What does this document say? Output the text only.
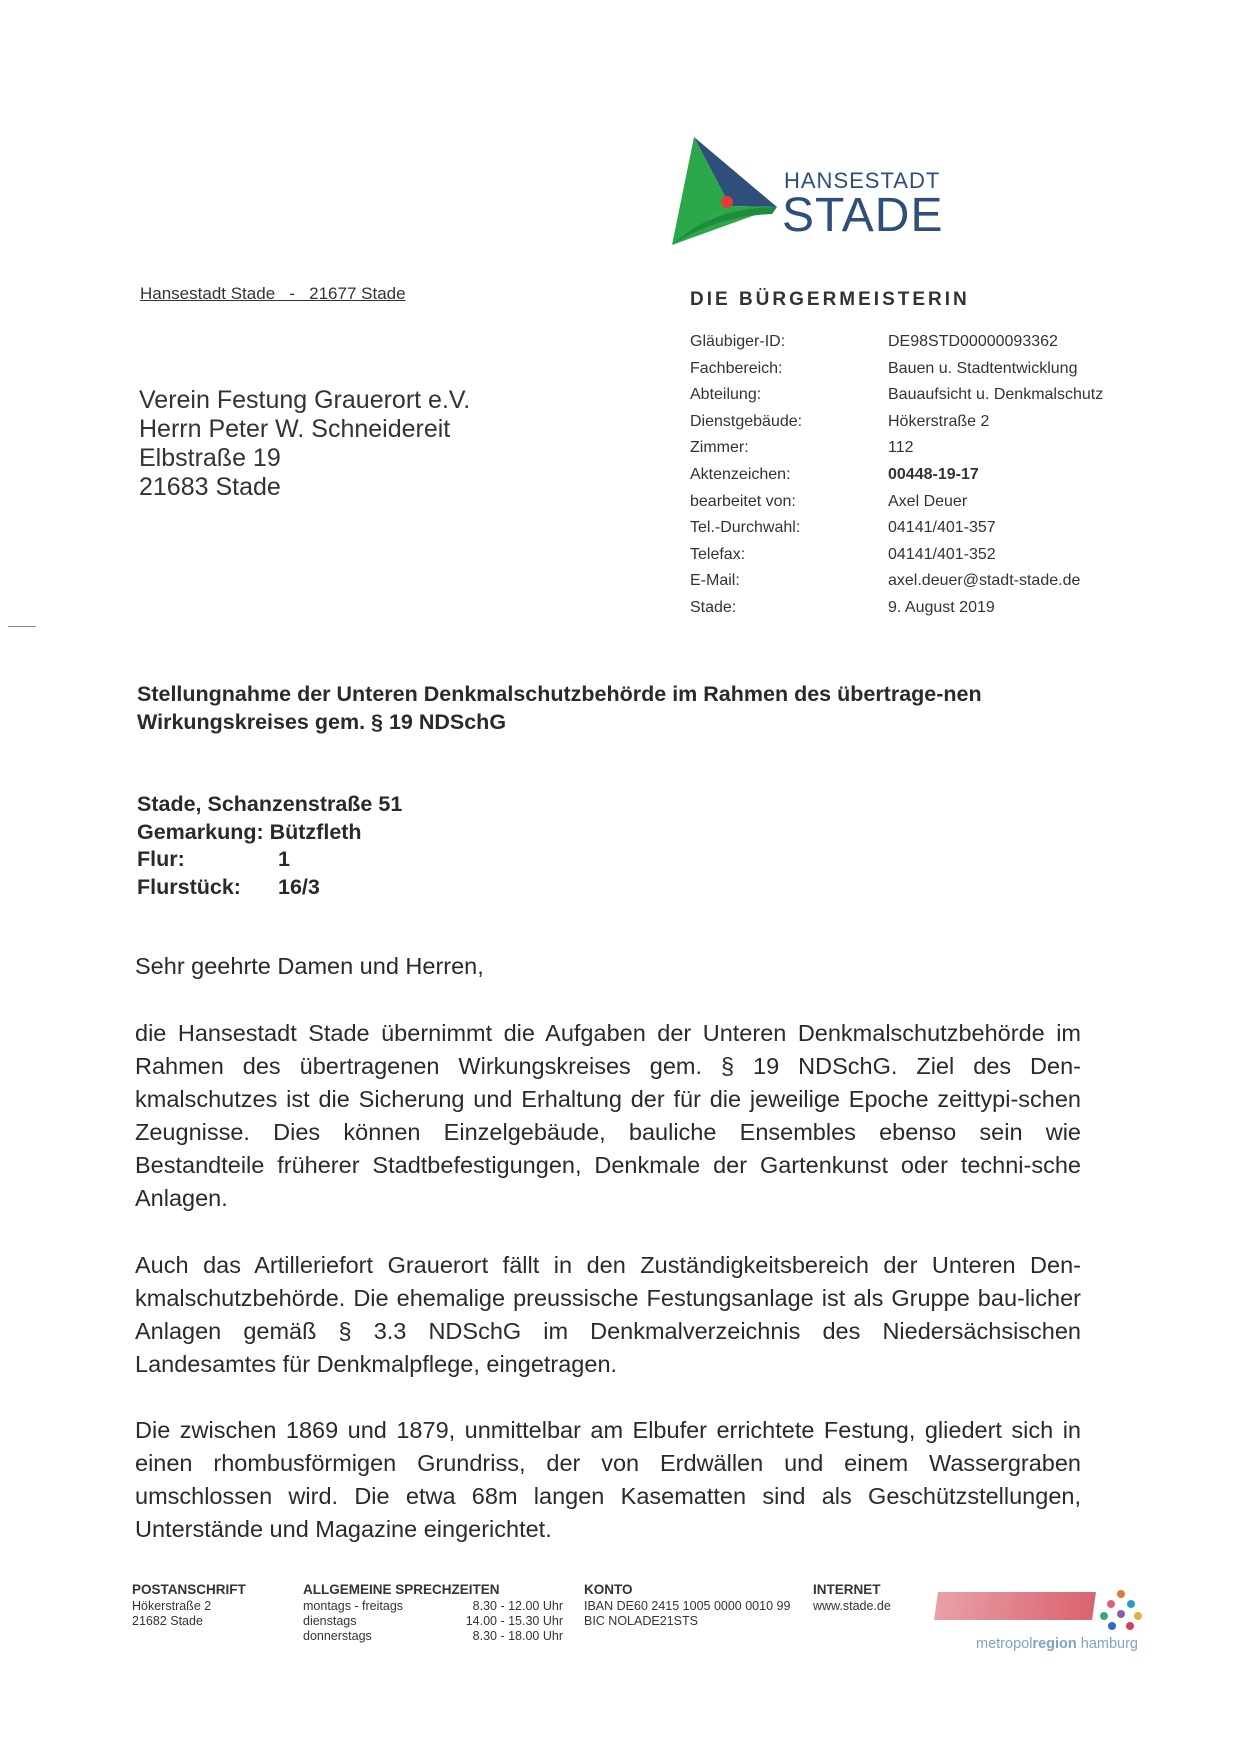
HANSESTADT
STADE
Hansestadt Stade   -   21677 Stade	DIE BÜRGERMEISTERIN
Verein Festung Grauerort e.V.
Herrn Peter W. Schneidereit
Elbstraße 19
21683 Stade
Gläubiger-ID:	DE98STD00000093362
Fachbereich:	Bauen u. Stadtentwicklung
Abteilung:	Bauaufsicht u. Denkmalschutz
Dienstgebäude:	Hökerstraße 2
Zimmer:	112
Aktenzeichen:	00448-19-17
bearbeitet von:	Axel Deuer
Tel.-Durchwahl:	04141/401-357
Telefax:	04141/401-352
E-Mail:	axel.deuer@stadt-stade.de
Stade:	9. August 2019
Stellungnahme der Unteren Denkmalschutzbehörde im Rahmen des übertrage-nen Wirkungskreises gem. § 19 NDSchG
Stade, Schanzenstraße 51
Gemarkung: Bützfleth
Flur:	1
Flurstück: 16/3
Sehr geehrte Damen und Herren,
die Hansestadt Stade übernimmt die Aufgaben der Unteren Denkmalschutzbehörde im Rahmen des übertragenen Wirkungskreises gem. § 19 NDSchG. Ziel des Den-kmalschutzes ist die Sicherung und Erhaltung der für die jeweilige Epoche zeittypi-schen Zeugnisse. Dies können Einzelgebäude, bauliche Ensembles ebenso sein wie Bestandteile früherer Stadtbefestigungen, Denkmale der Gartenkunst oder techni-sche Anlagen.
Auch das Artilleriefort Grauerort fällt in den Zuständigkeitsbereich der Unteren Den-kmalschutzbehörde. Die ehemalige preussische Festungsanlage ist als Gruppe bau-licher Anlagen gemäß § 3.3 NDSchG im Denkmalverzeichnis des Niedersächsischen Landesamtes für Denkmalpflege, eingetragen.
Die zwischen 1869 und 1879, unmittelbar am Elbufer errichtete Festung, gliedert sich in einen rhombusförmigen Grundriss, der von Erdwällen und einem Wassergraben umschlossen wird. Die etwa 68m langen Kasematten sind als Geschützstellungen, Unterstände und Magazine eingerichtet.
POSTANSCHRIFT
Hökerstraße 2
21682 Stade
ALLGEMEINE SPRECHZEITEN
montags - freitags	8.30 - 12.00 Uhr
dienstags	14.00 - 15.30 Uhr
donnerstags	8.30 - 18.00 Uhr
KONTO
IBAN DE60 2415 1005 0000 0010 99
BIC NOLADE21STS
INTERNET
www.stade.de
metropolregion hamburg
